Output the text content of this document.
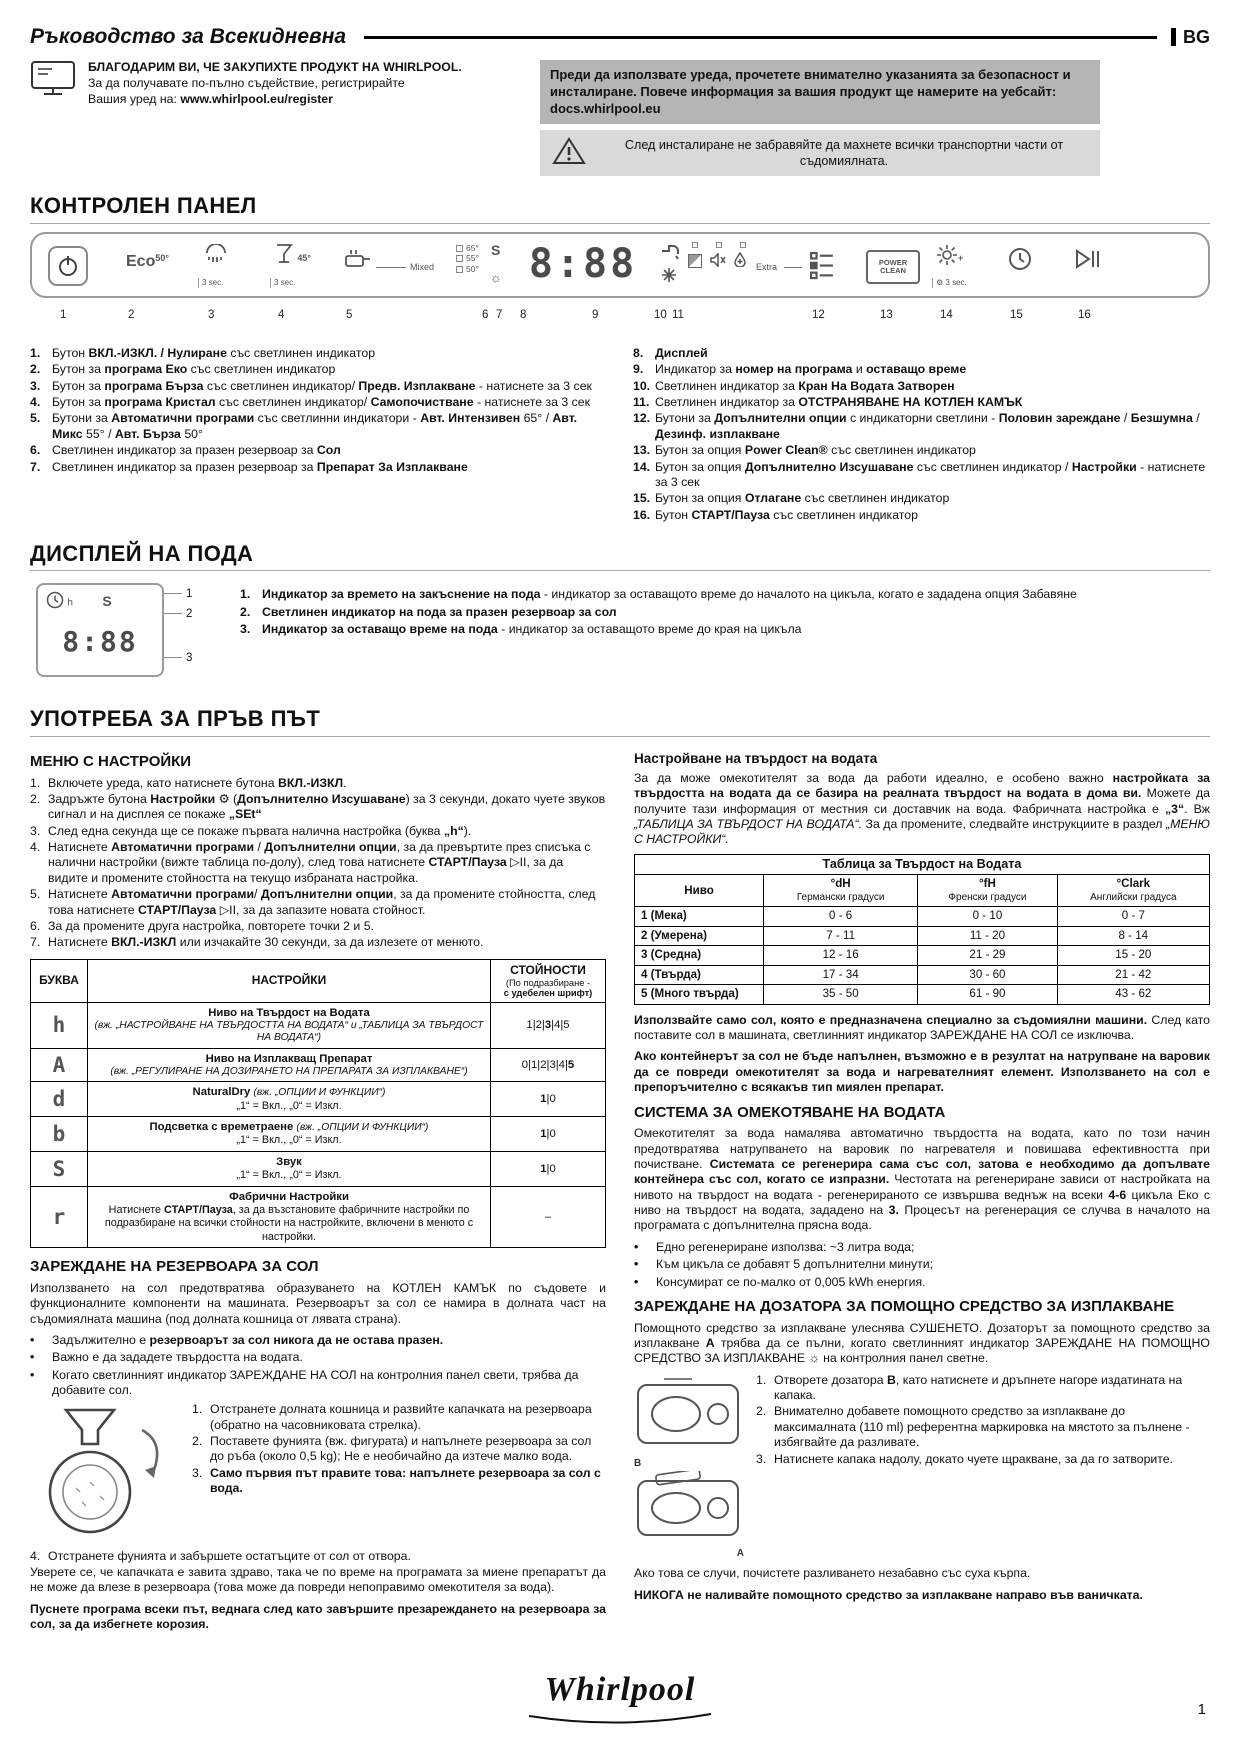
Ръководство за Всекидневна	BG
БЛАГОДАРИМ ВИ, ЧЕ ЗАКУПИХТЕ ПРОДУКТ НА WHIRLPOOL.
За да получавате по-пълно съдействие, регистрирайте
Вашия уред на: www.whirlpool.eu/register
Преди да използвате уреда, прочетете внимателно указанията за безопасност и инсталиране. Повече информация за вашия продукт ще намерите на уебсайт: docs.whirlpool.eu
След инсталиране не забравяйте да махнете всички транспортни части от съдомиялната.
КОНТРОЛЕН ПАНЕЛ
Eco$^{50^\circ}$
3 sec.
$^{45^\circ}$
3 sec.
Mixed
65°
55°
50°
S
☼ 8:88	Extra	POWER
CLEAN
+
⚙ 3 sec.
1	2	3	4	5	6 7 8	9	10 11	12	13	14	15	16
1. Бутон ВКЛ.-ИЗКЛ. / Нулиране със светлинен индикатор
2. Бутон за програма Еко със светлинен индикатор
3. Бутон за програма Бърза със светлинен индикатор/ Предв. Изплакване - натиснете за 3 сек
4. Бутон за програма Кристал със светлинен индикатор/ Самопочистване - натиснете за 3 сек
5. Бутони за Автоматични програми със светлинни индикатори - Авт. Интензивен 65° / Авт. Микс 55° / Авт. Бърза 50°
6. Светлинен индикатор за празен резервоар за Сол
7. Светлинен индикатор за празен резервоар за Препарат За Изплакване
8. Дисплей
9. Индикатор за номер на програма и оставащо време
10. Светлинен индикатор за Кран На Водата Затворен
11. Светлинен индикатор за ОТСТРАНЯВАНЕ НА КОТЛЕН КАМЪК
12. Бутони за Допълнителни опции с индикаторни светлини - Половин зареждане / Безшумна / Дезинф. изплакване
13. Бутон за опция Power Clean® със светлинен индикатор
14. Бутон за опция Допълнително Изсушаване със светлинен индикатор / Настройки - натиснете за 3 сек
15. Бутон за опция Отлагане със светлинен индикатор
16. Бутон СТАРТ/Пауза със светлинен индикатор
ДИСПЛЕЙ НА ПОДА
h S
8:88
1
2
3
1. Индикатор за времето на закъснение на пода - индикатор за оставащото време до началото на цикъла, когато е зададена опция Забавяне
2. Светлинен индикатор на пода за празен резервоар за сол
3. Индикатор за оставащо време на пода - индикатор за оставащото време до края на цикъла
УПОТРЕБА ЗА ПРЪВ ПЪТ
МЕНЮ С НАСТРОЙКИ
1. Включете уреда, като натиснете бутона ВКЛ.-ИЗКЛ.
2. Задръжте бутона Настройки ⚙ (Допълнително Изсушаване) за 3 секунди, докато чуете звуков сигнал и на дисплея се покаже „SEt“
3. След една секунда ще се покаже първата налична настройка (буква „h“).
4. Натиснете Автоматични програми / Допълнителни опции, за да превъртите през списъка с налични настройки (вижте таблица по-долу), след това натиснете СТАРТ/Пауза ▷II, за да видите и промените стойността на текущо избраната настройка.
5. Натиснете Автоматични програми/ Допълнителни опции, за да промените стойността, след това натиснете СТАРТ/Пауза ▷II, за да запазите новата стойност.
6. За да промените друга настройка, повторете точки 2 и 5.
7. Натиснете ВКЛ.-ИЗКЛ или изчакайте 30 секунди, за да излезете от менюто.
БУКВА	НАСТРОЙКИ	СТОЙНОСТИ
(По подразбиране -
с удебелен шрифт)

h	Ниво на Твърдост на Водата
(вж. „НАСТРОЙВАНЕ НА ТВЪРДОСТТА НА ВОДАТА“ и „ТАБЛИЦА ЗА ТВЪРДОСТ НА ВОДАТА“)	1|2|3|4|5
A	Ниво на Изплакващ Препарат
(вж. „РЕГУЛИРАНЕ НА ДОЗИРАНЕТО НА ПРЕПАРАТА ЗА ИЗПЛАКВАНЕ“)	0|1|2|3|4|5
d	NaturalDry (вж. „ОПЦИИ И ФУНКЦИИ“)
„1“ = Вкл., „0“ = Изкл.	1|0
b	Подсветка с времетраене (вж. „ОПЦИИ И ФУНКЦИИ“)
„1“ = Вкл., „0“ = Изкл.	1|0
S	Звук
„1“ = Вкл., „0“ = Изкл.	1|0
r	Фабрични Настройки
Натиснете СТАРТ/Пауза, за да възстановите фабричните настройки по подразбиране на всички стойности на настройките, включени в менюто с настройки.	–
ЗАРЕЖДАНЕ НА РЕЗЕРВОАРА ЗА СОЛ

Използването на сол предотвратява образуването на КОТЛЕН КАМЪК по съдовете и функционалните компоненти на машината. Резервоарът за сол се намира в долната част на съдомиялната машина (под долната кошница от лявата страна).

•	Задължително е резервоарът за сол никога да не остава празен.
•	Важно е да зададете твърдостта на водата.
•	Когато светлинният индикатор ЗАРЕЖДАНЕ НА СОЛ на контролния панел свети, трябва да добавите сол.
1. Отстранете долната кошница и развийте капачката на резервоара (обратно на часовниковата стрелка).
2. Поставете фунията (вж. фигурата) и напълнете резервоара за сол до ръба (около 0,5 kg); Не е необичайно да изтече малко вода.
3. Само първия път правите това: напълнете резервоара за сол с вода.
4. Отстранете фунията и забършете остатъците от сол от отвора.

Уверете се, че капачката е завита здраво, така че по време на програмата за миене препаратът да не може да влезе в резервоара (това може да повреди непоправимо омекотителя за вода).

Пуснете програма всеки път, веднага след като завършите презареждането на резервоара за сол, за да избегнете корозия.

Настройване на твърдост на водата

За да може омекотителят за вода да работи идеално, е особено важно настройката за твърдостта на водата да се базира на реалната твърдост на водата в дома ви. Можете да получите тази информация от местния си доставчик на вода. Фабричната настройка е „3“. Вж „ТАБЛИЦА ЗА ТВЪРДОСТ НА ВОДАТА“. За да промените, следвайте инструкциите в раздел „МЕНЮ С НАСТРОЙКИ“.

Таблица за Твърдост на Водата			
Ниво	°dH
Германски градуси

°fH
Френски градуси

°Clark
Английски градуса

1 (Мека)	0 - 6	0 - 10	0 - 7
2 (Умерена)	7 - 11	11 - 20	8 - 14
3 (Средна)	12 - 16	21 - 29	15 - 20
4 (Твърда)	17 - 34	30 - 60	21 - 42
5 (Много твърда)	35 - 50	61 - 90	43 - 62

Използвайте само сол, която е предназначена специално за съдомиялни машини. След като поставите сол в машината, светлинният индикатор ЗАРЕЖДАНЕ НА СОЛ се изключва.

Ако контейнерът за сол не бъде напълнен, възможно е в резултат на натрупване на варовик да се повреди омекотителят за вода и нагревателният елемент. Използването на сол е препоръчително с всякакъв тип миялен препарат.

СИСТЕМА ЗА ОМЕКОТЯВАНЕ НА ВОДАТА

Омекотителят за вода намалява автоматично твърдостта на водата, като по този начин предотвратява натрупването на варовик по нагревателя и повишава ефективността при почистване. Системата се регенерира сама със сол, затова е необходимо да допълвате контейнера със сол, когато се изпразни. Честотата на регенериране зависи от настройката на нивото на твърдост на водата - регенерираното се извършва веднъж на всеки 4-6 цикъла Еко с ниво на твърдост на водата, зададено на 3. Процесът на регенерация се случва в началото на програмата с допълнителна прясна вода.

•	Едно регенериране използва: ~3 литра вода;
•	Към цикъла се добавят 5 допълнителни минути;
•	Консумират се по-малко от 0,005 kWh енергия.
ЗАРЕЖДАНЕ НА ДОЗАТОРА ЗА ПОМОЩНО СРЕДСТВО ЗА ИЗПЛАКВАНЕ

Помощното средство за изплакване улеснява СУШЕНЕТО. Дозаторът за помощното средство за изплакване A трябва да се пълни, когато светлинният индикатор ЗАРЕЖДАНЕ НА ПОМОЩНО СРЕДСТВО ЗА ИЗПЛАКВАНЕ ☼ на контролния панел светне.

B
A
1. Отворете дозатора B, като натиснете и дръпнете нагоре издатината на капака.
2. Внимателно добавете помощното средство за изплакване до максималната (110 ml) референтна маркировка на мястото за пълнене - избягвайте да разливате.
3. Натиснете капака надолу, докато чуете щракване, за да го затворите.

Ако това се случи, почистете разливането незабавно със суха кърпа.

НИКОГА не наливайте помощното средство за изплакване направо във ваничката.

Whirlpool
1
